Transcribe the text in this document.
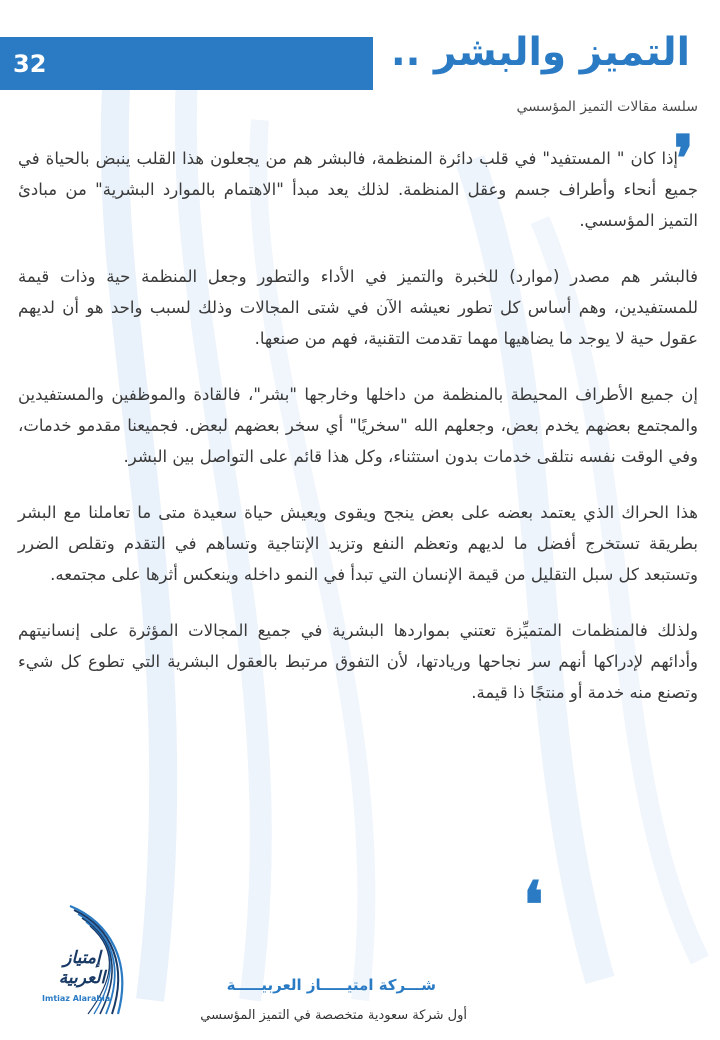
32	التميز والبشر ..

سلسة مقالات التميز المؤسسي

❜

إذا كان " المستفيد" في قلب دائرة المنظمة، فالبشر هم من يجعلون هذا القلب ينبض بالحياة في جميع أنحاء وأطراف جسم وعقل المنظمة. لذلك يعد مبدأ "الاهتمام بالموارد البشرية" من مبادئ التميز المؤسسي.

فالبشر هم مصدر (موارد) للخبرة والتميز في الأداء والتطور وجعل المنظمة حية وذات قيمة للمستفيدين، وهم أساس كل تطور نعيشه الآن في شتى المجالات وذلك لسبب واحد هو أن لديهم عقول حية لا يوجد ما يضاهيها مهما تقدمت التقنية، فهم من صنعها.

إن جميع الأطراف المحيطة بالمنظمة من داخلها وخارجها "بشر"، فالقادة والموظفين والمستفيدين والمجتمع بعضهم يخدم بعض، وجعلهم الله "سخريًا" أي سخر بعضهم لبعض. فجميعنا مقدمو خدمات، وفي الوقت نفسه نتلقى خدمات بدون استثناء، وكل هذا قائم على التواصل بين البشر.

هذا الحراك الذي يعتمد بعضه على بعض ينجح ويقوى ويعيش حياة سعيدة متى ما تعاملنا مع البشر بطريقة تستخرج أفضل ما لديهم وتعظم النفع وتزيد الإنتاجية وتساهم في التقدم وتقلص الضرر وتستبعد كل سبل التقليل من قيمة الإنسان التي تبدأ في النمو داخله وينعكس أثرها على مجتمعه.

ولذلك فالمنظمات المتميِّزة تعتني بمواردها البشرية في جميع المجالات المؤثرة على إنسانيتهم وأدائهم لإدراكها أنهم سر نجاحها وريادتها، لأن التفوق مرتبط بالعقول البشرية التي تطوع كل شيء وتصنع منه خدمة أو منتجًا ذا قيمة.

❛
إمتياز
العربية
Imtiaz Alarabia

شـــركة امتيـــــاز العربيـــــة

أول شركة سعودية متخصصة في التميز المؤسسي
